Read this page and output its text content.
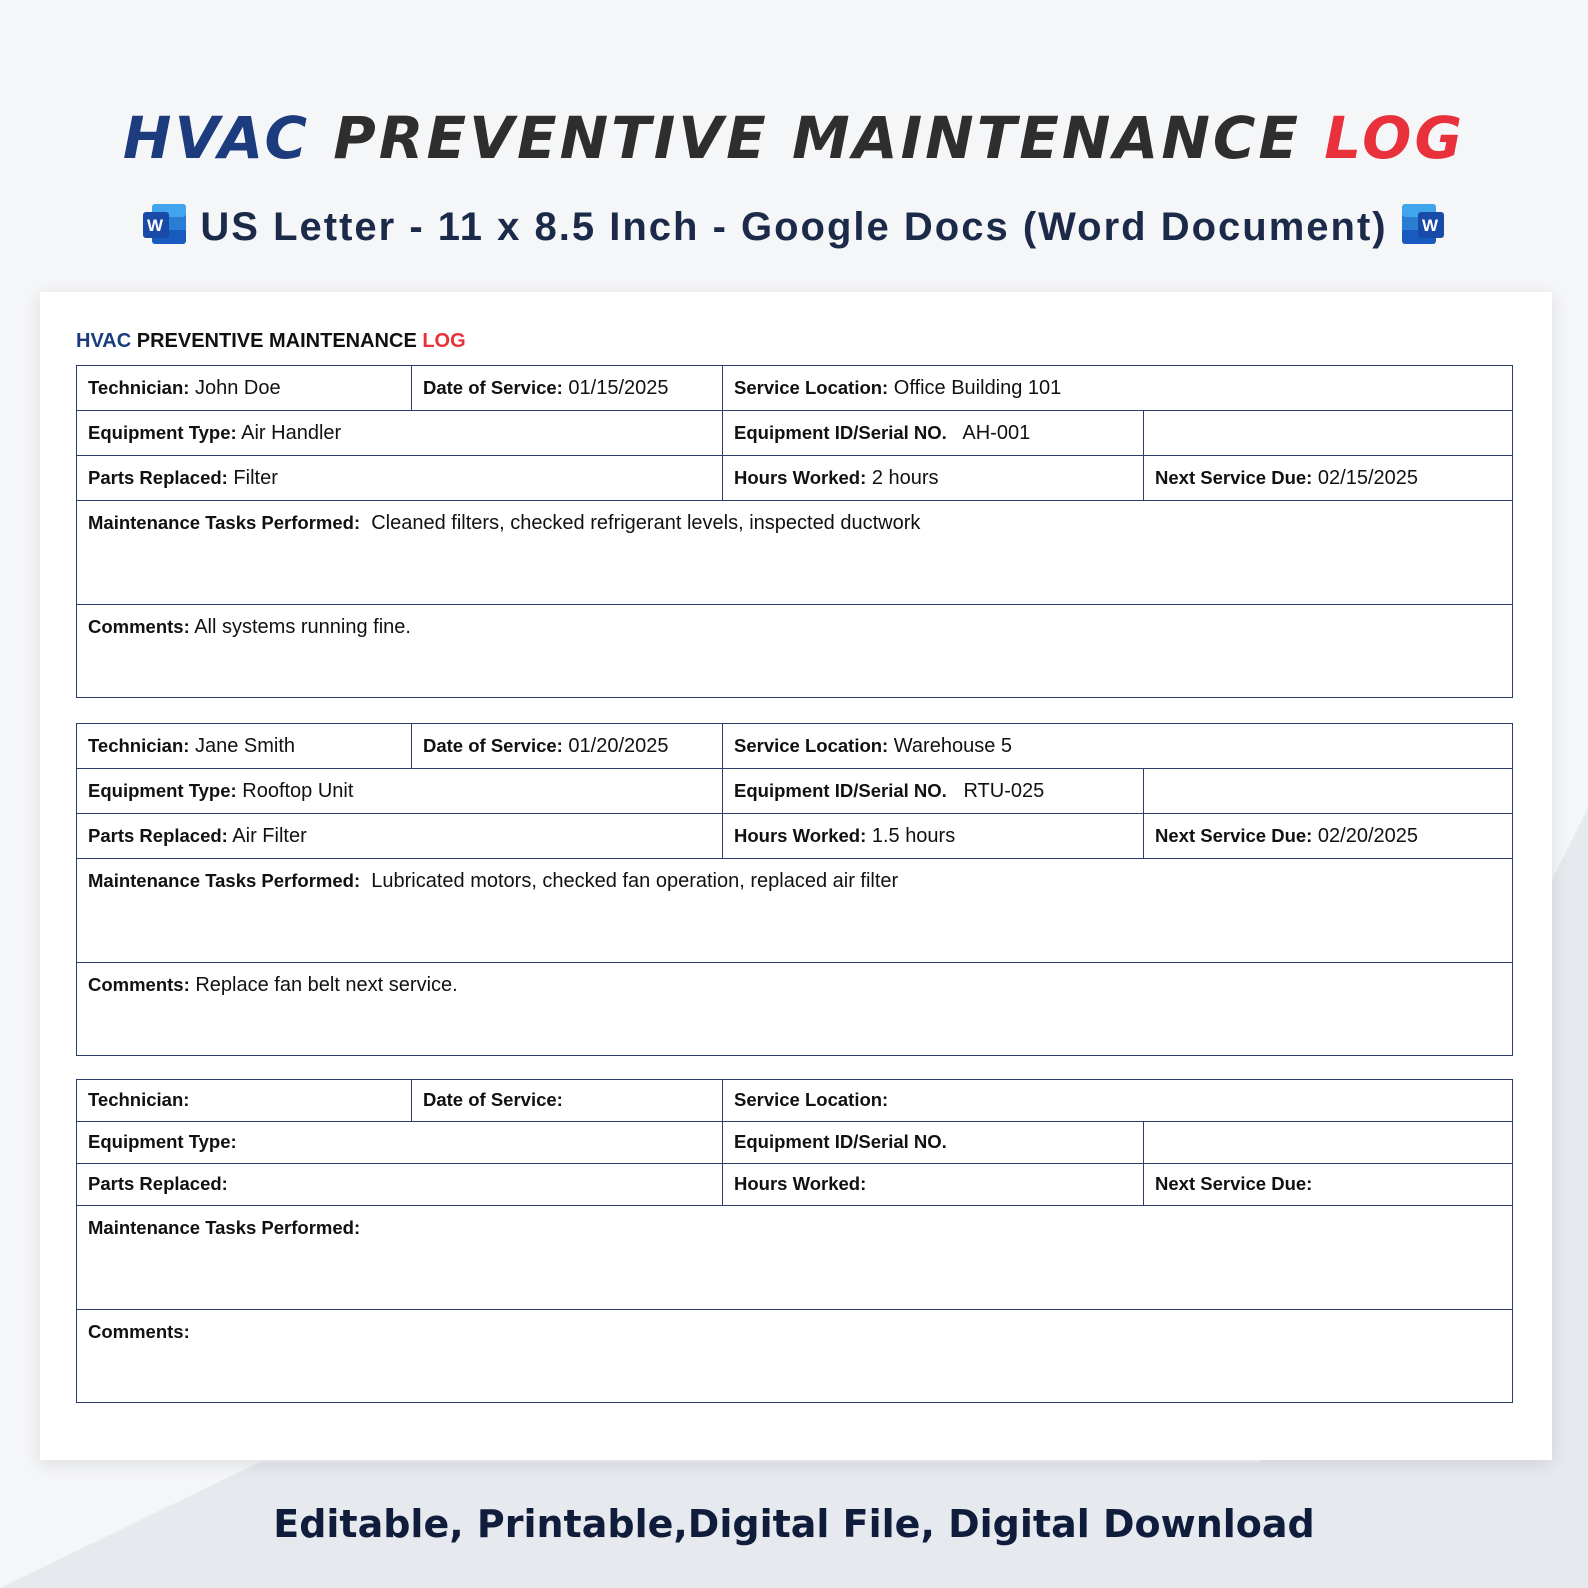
HVAC PREVENTIVE MAINTENANCE LOG
W US Letter - 11 x 8.5 Inch - Google Docs (Word Document) W
HVAC PREVENTIVE MAINTENANCE LOG
Technician: John Doe	Date of Service: 01/15/2025	Service Location: Office Building 101	
Equipment Type: Air Handler		Equipment ID/Serial NO. AH-001	
Parts Replaced: Filter		Hours Worked: 2 hours	Next Service Due: 02/15/2025
Maintenance Tasks Performed: Cleaned filters, checked refrigerant levels, inspected ductwork			
Comments: All systems running fine.			
Technician: Jane Smith	Date of Service: 01/20/2025	Service Location: Warehouse 5	
Equipment Type: Rooftop Unit		Equipment ID/Serial NO. RTU-025	
Parts Replaced: Air Filter		Hours Worked: 1.5 hours	Next Service Due: 02/20/2025
Maintenance Tasks Performed: Lubricated motors, checked fan operation, replaced air filter			
Comments: Replace fan belt next service.			
Technician:	Date of Service:	Service Location:	
Equipment Type:		Equipment ID/Serial NO.	
Parts Replaced:		Hours Worked:	Next Service Due:
Maintenance Tasks Performed:			
Comments:			
Editable, Printable,Digital File, Digital Download
